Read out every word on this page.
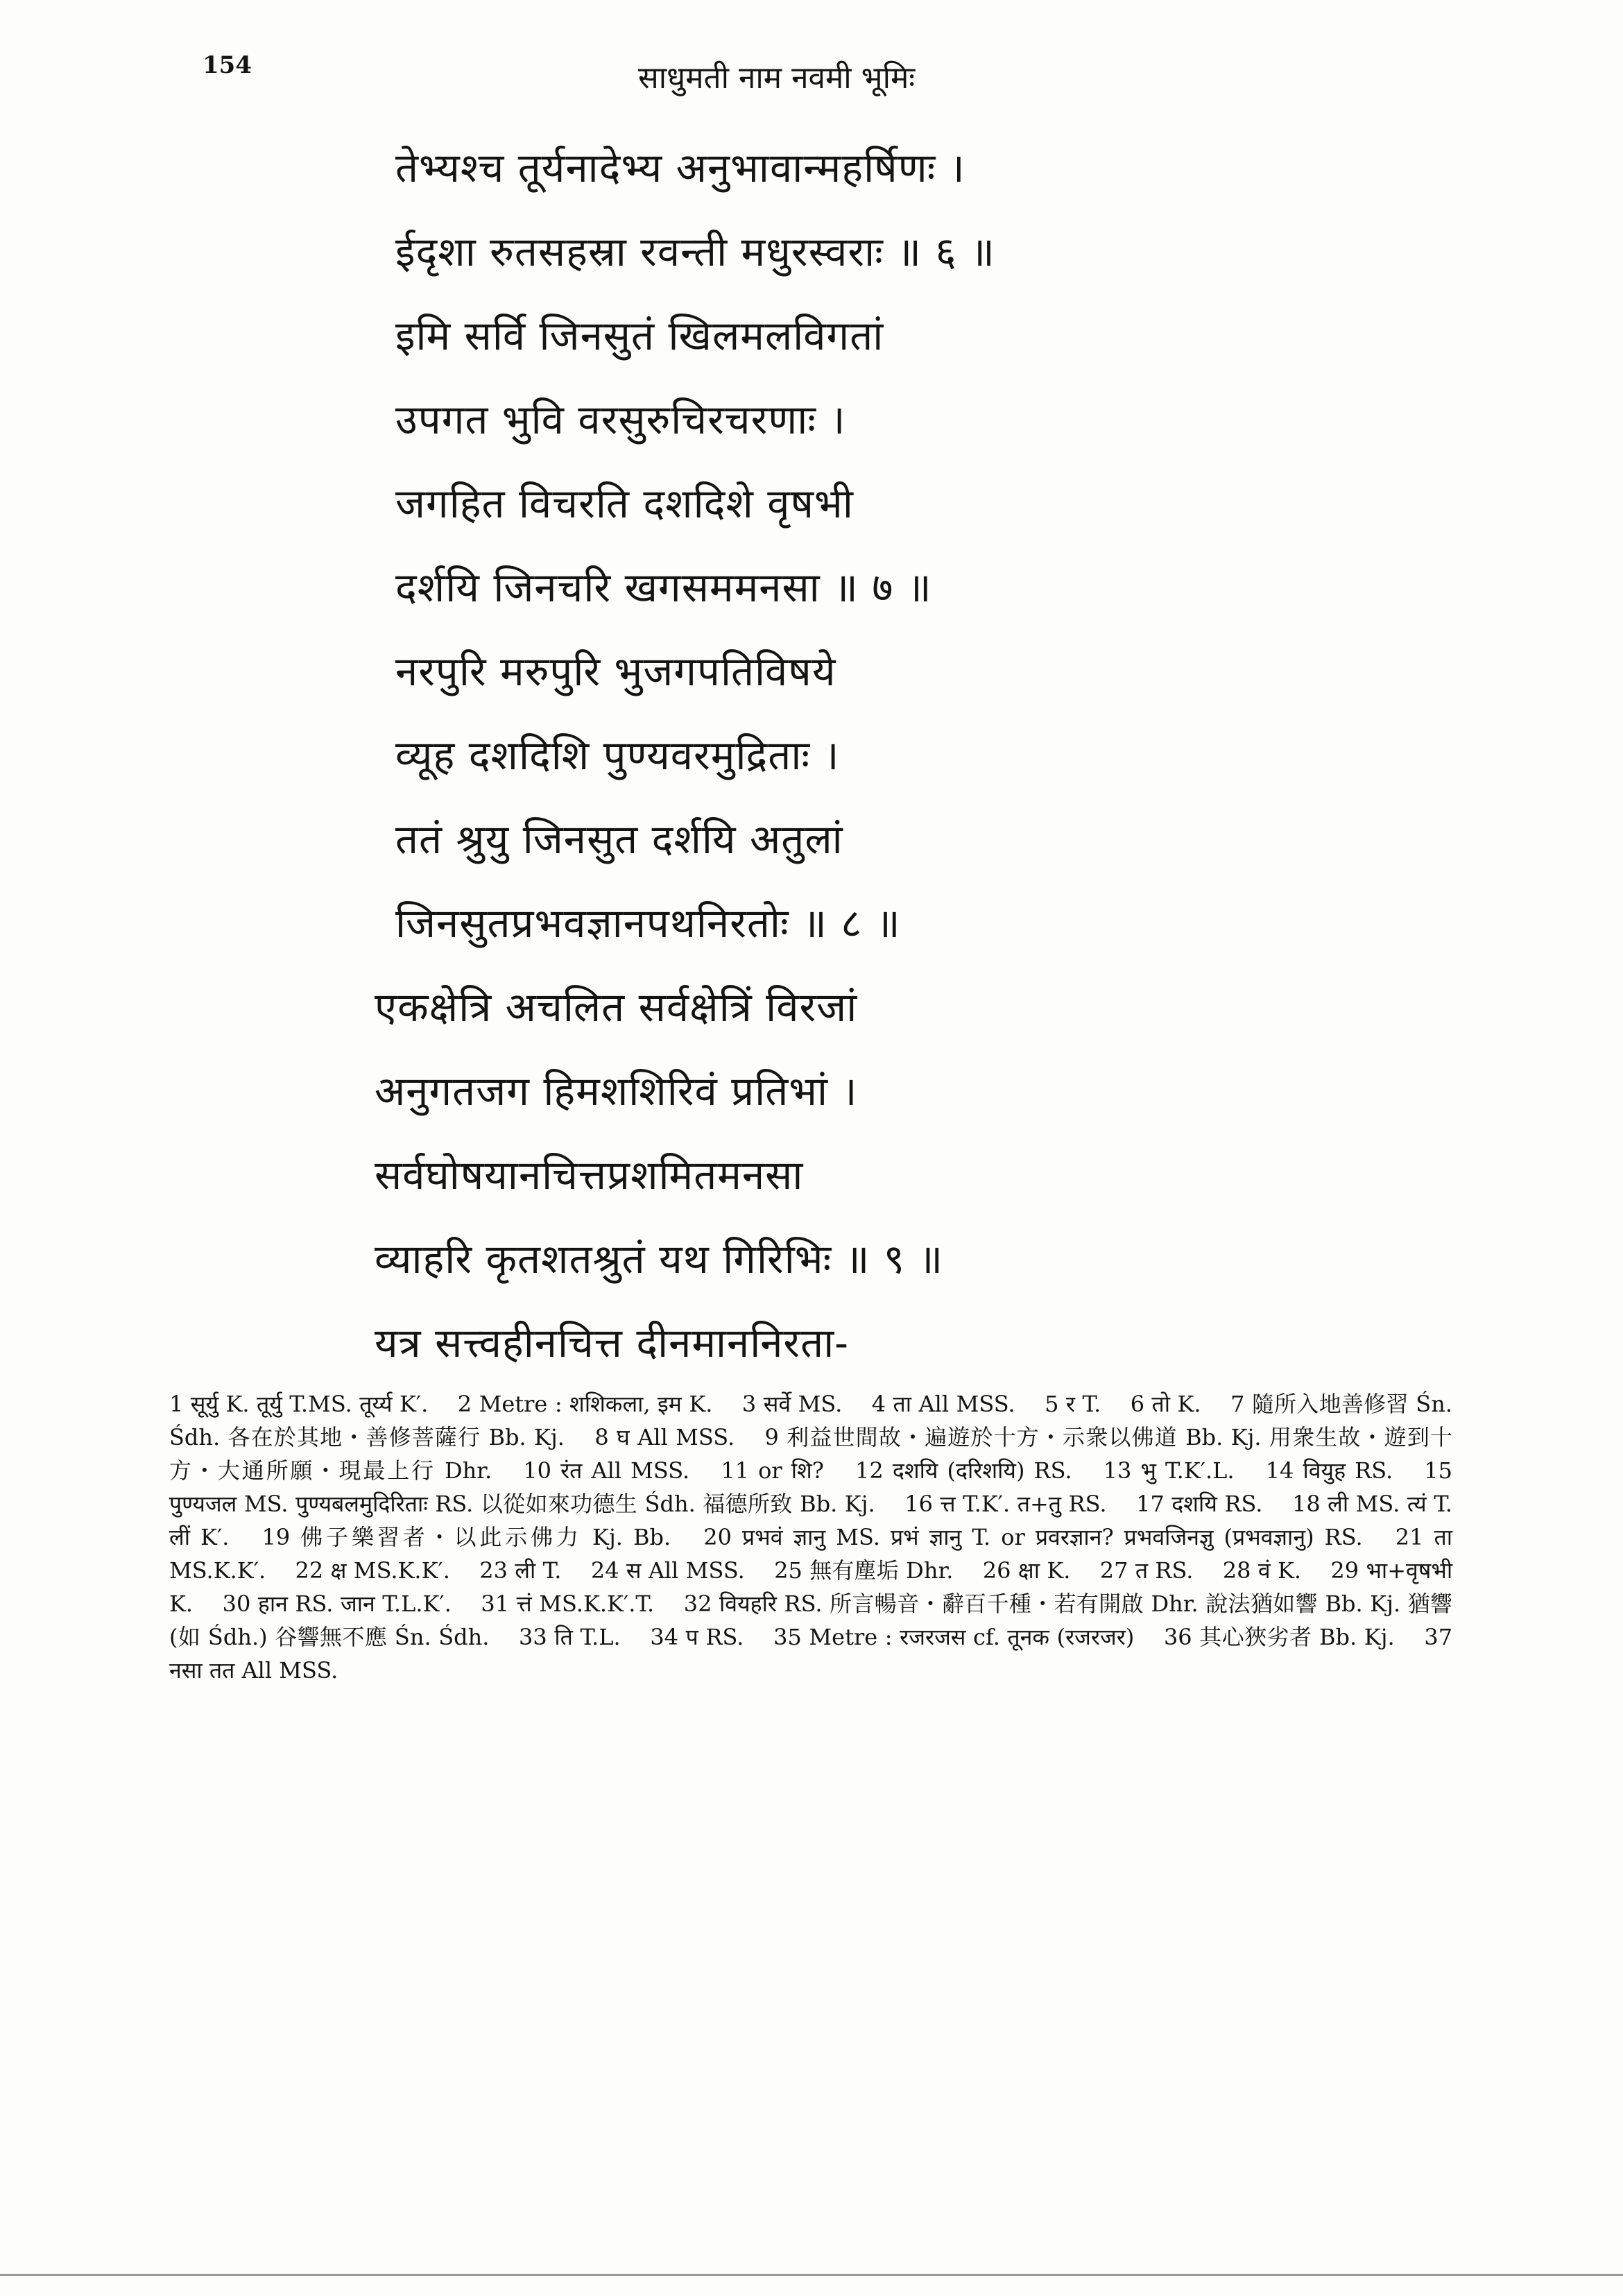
154	साधुमती नाम नवमी भूमिः
तेभ्यश्च तूर्यनादेभ्य अनुभावान्महर्षिणः ।
ईदृशा रुतसहस्रा रवन्ती मधुरस्वराः ॥ ६ ॥
इमि सर्वि जिनसुतं खिलमलविगतां
उपगत भुवि वरसुरुचिरचरणाः ।
जगहित विचरति दशदिशे वृषभी
दर्शयि जिनचरि खगसममनसा ॥ ७ ॥
नरपुरि मरुपुरि भुजगपतिविषये
व्यूह दशदिशि पुण्यवरमुद्रिताः ।
ततं श्रुयु जिनसुत दर्शयि अतुलां
जिनसुतप्रभवज्ञानपथनिरतोः ॥ ८ ॥
एकक्षेत्रि अचलित सर्वक्षेत्रिं विरजां
अनुगतजग हिमशशिरिवं प्रतिभां ।
सर्वघोषयानचित्तप्रशमितमनसा
व्याहरि कृतशतश्रुतं यथ गिरिभिः ॥ ९ ॥
यत्र सत्त्वहीनचित्त दीनमाननिरता-
1 सूर्यु K. तूर्यु T.MS. तूर्य्य K′.  2 Metre : शशिकला, इम K.  3 सर्वे MS.  4 ता All MSS.  5 र T.  6 तो K.  7 隨所入地善修習 Śn. Śdh. 各在於其地・善修菩薩行 Bb. Kj.  8 घ All MSS.  9 利益世間故・遍遊於十方・示衆以佛道 Bb. Kj. 用衆生故・遊到十方・大通所願・現最上行 Dhr.  10 रंत All MSS.  11 or शि?  12 दशयि (दरिशयि) RS.  13 भु T.K′.L.  14 वियुह RS.  15 पुण्यजल MS. पुण्यबलमुदिरिताः RS. 以從如來功德生 Śdh. 福德所致 Bb. Kj.  16 त्त T.K′. त+तु RS.  17 दशयि RS.  18 ली MS. त्यं T. लीं K′.  19 佛子樂習者・以此示佛力 Kj. Bb.  20 प्रभवं ज्ञानु MS. प्रभं ज्ञानु T. or प्रवरज्ञान? प्रभवजिनज्ञु (प्रभवज्ञानु) RS.  21 ता MS.K.K′.  22 क्ष MS.K.K′.  23 ली T.  24 स All MSS.  25 無有塵垢 Dhr.  26 क्षा K.  27 त RS.  28 वं K.  29 भा+वृषभी K.  30 हान RS. जान T.L.K′.  31 त्तं MS.K.K′.T.  32 वियहरि RS. 所言暢音・辭百千種・若有開啟 Dhr. 說法猶如響 Bb. Kj. 猶響 (如 Śdh.) 谷響無不應 Śn. Śdh.  33 ति T.L.  34 प RS.  35 Metre : रजरजस cf. तूनक (रजरजर)  36 其心狹劣者 Bb. Kj.  37 नसा तत All MSS. 
